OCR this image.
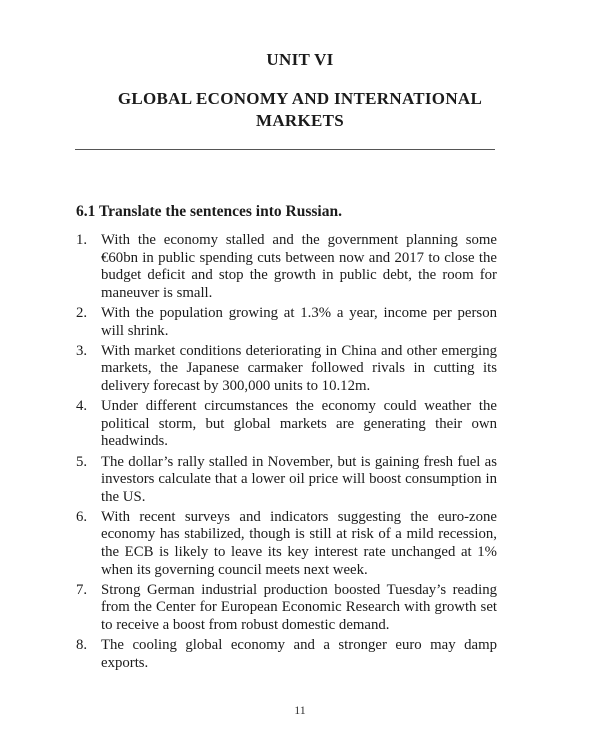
UNIT VI
GLOBAL ECONOMY AND INTERNATIONAL
MARKETS
6.1 Translate the sentences into Russian.
1. With the economy stalled and the government planning some €60bn in public spending cuts between now and 2017 to close the budget deficit and stop the growth in public debt, the room for maneuver is small.
2. With the population growing at 1.3% a year, income per person will shrink.
3. With market conditions deteriorating in China and other emerging markets, the Japanese carmaker followed rivals in cutting its delivery forecast by 300,000 units to 10.12m.
4. Under different circumstances the economy could weather the political storm, but global markets are generating their own headwinds.
5. The dollar’s rally stalled in November, but is gaining fresh fuel as investors calculate that a lower oil price will boost consumption in the US.
6. With recent surveys and indicators suggesting the euro-zone economy has stabilized, though is still at risk of a mild recession, the ECB is likely to leave its key interest rate unchanged at 1% when its governing council meets next week.
7. Strong German industrial production boosted Tuesday’s reading from the Center for European Economic Research with growth set to receive a boost from robust domestic demand.
8. The cooling global economy and a stronger euro may damp exports.
11
